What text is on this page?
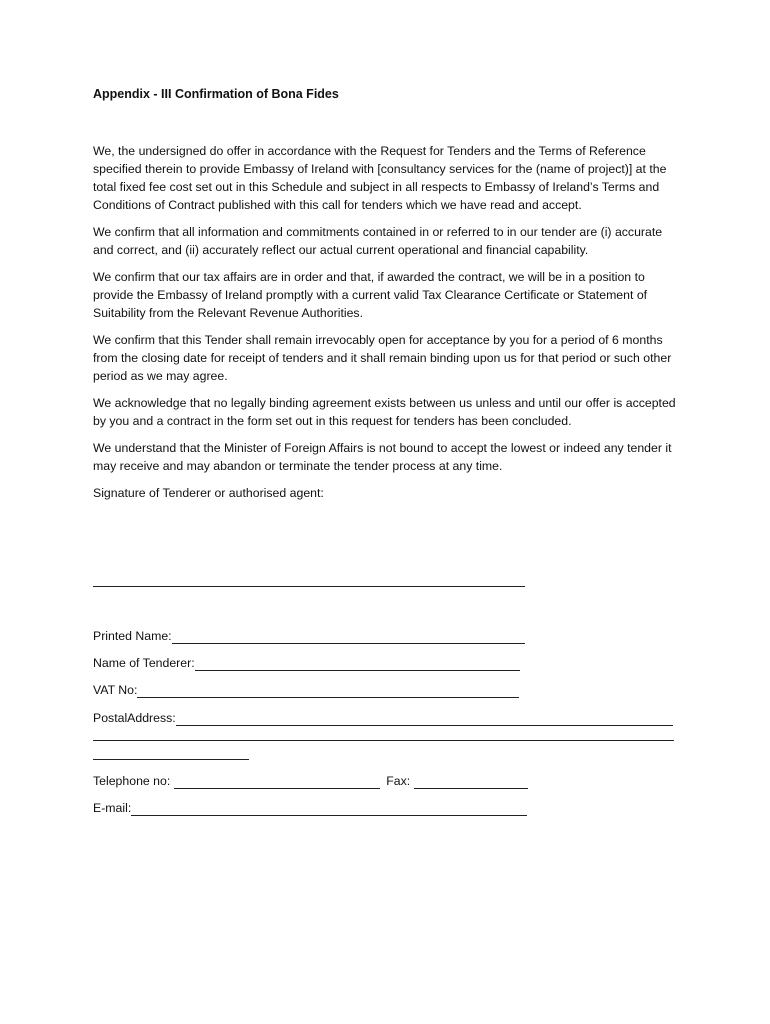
Appendix - III Confirmation of Bona Fides

We, the undersigned do offer in accordance with the Request for Tenders and the Terms of Reference specified therein to provide Embassy of Ireland with [consultancy services for the (name of project)] at the total fixed fee cost set out in this Schedule and subject in all respects to Embassy of Ireland’s Terms and Conditions of Contract published with this call for tenders which we have read and accept.

We confirm that all information and commitments contained in or referred to in our tender are (i) accurate and correct, and (ii) accurately reflect our actual current operational and financial capability.

We confirm that our tax affairs are in order and that, if awarded the contract, we will be in a position to provide the Embassy of Ireland promptly with a current valid Tax Clearance Certificate or Statement of Suitability from the Relevant Revenue Authorities.

We confirm that this Tender shall remain irrevocably open for acceptance by you for a period of 6 months from the closing date for receipt of tenders and it shall remain binding upon us for that period or such other period as we may agree.

We acknowledge that no legally binding agreement exists between us unless and until our offer is accepted by you and a contract in the form set out in this request for tenders has been concluded.

We understand that the Minister of Foreign Affairs is not bound to accept the lowest or indeed any tender it may receive and may abandon or terminate the tender process at any time.

Signature of Tenderer or authorised agent:

Printed Name:
Name of Tenderer:
VAT No:
PostalAddress:
Telephone no:	Fax:
E-mail:
